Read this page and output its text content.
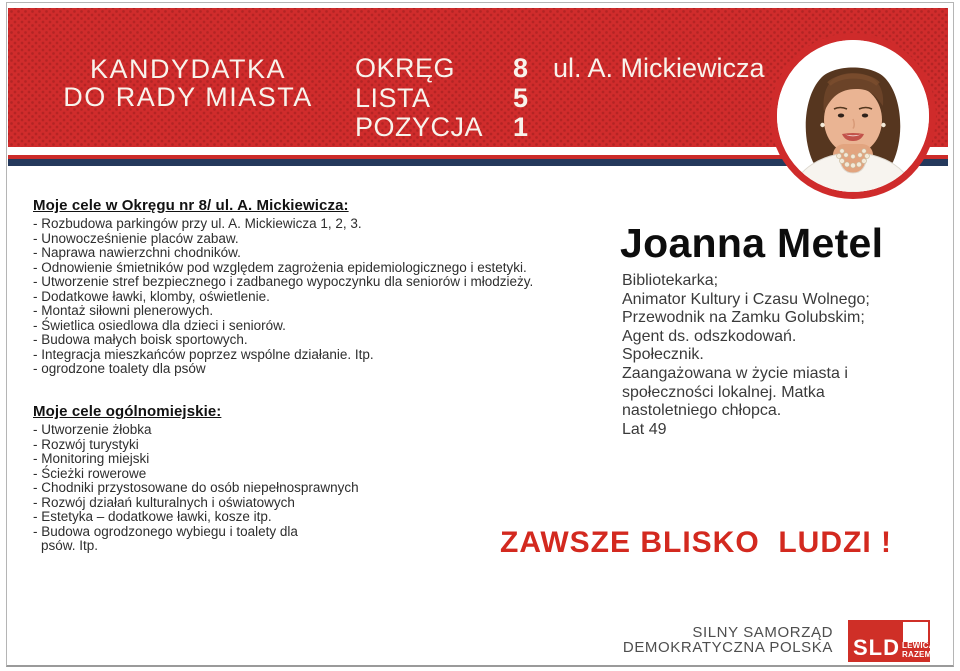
KANDYDATKA
DO RADY MIASTA
OKRĘG	8
LISTA	5
POZYCJA	1
ul. A. Mickiewicza
Moje cele w Okręgu nr 8/ ul. A. Mickiewicza:
- Rozbudowa parkingów przy ul. A. Mickiewicza 1, 2, 3.
- Unowocześnienie placów zabaw.
- Naprawa nawierzchni chodników.
- Odnowienie śmietników pod względem zagrożenia epidemiologicznego i estetyki.
- Utworzenie stref bezpiecznego i zadbanego wypoczynku dla seniorów i młodzieży.
- Dodatkowe ławki, klomby, oświetlenie.
- Montaż siłowni plenerowych.
- Świetlica osiedlowa dla dzieci i seniorów.
- Budowa małych boisk sportowych.
- Integracja mieszkańców poprzez wspólne działanie. Itp.
- ogrodzone toalety dla psów
Moje cele ogólnomiejskie:
- Utworzenie żłobka
- Rozwój turystyki
- Monitoring miejski
- Ścieżki rowerowe
- Chodniki przystosowane do osób niepełnosprawnych
- Rozwój działań kulturalnych i oświatowych
- Estetyka – dodatkowe ławki, kosze itp.
- Budowa ogrodzonego wybiegu i toalety dla
psów. Itp.
Joanna Metel
Bibliotekarka;
Animator Kultury i Czasu Wolnego;
Przewodnik na Zamku Golubskim;
Agent ds. odszkodowań.
Społecznik.
Zaangażowana w życie miasta i
społeczności lokalnej. Matka
nastoletniego chłopca.
Lat 49
ZAWSZE BLISKO  LUDZI !
SILNY SAMORZĄD
DEMOKRATYCZNA POLSKA SLD LEWICA
RAZEM
